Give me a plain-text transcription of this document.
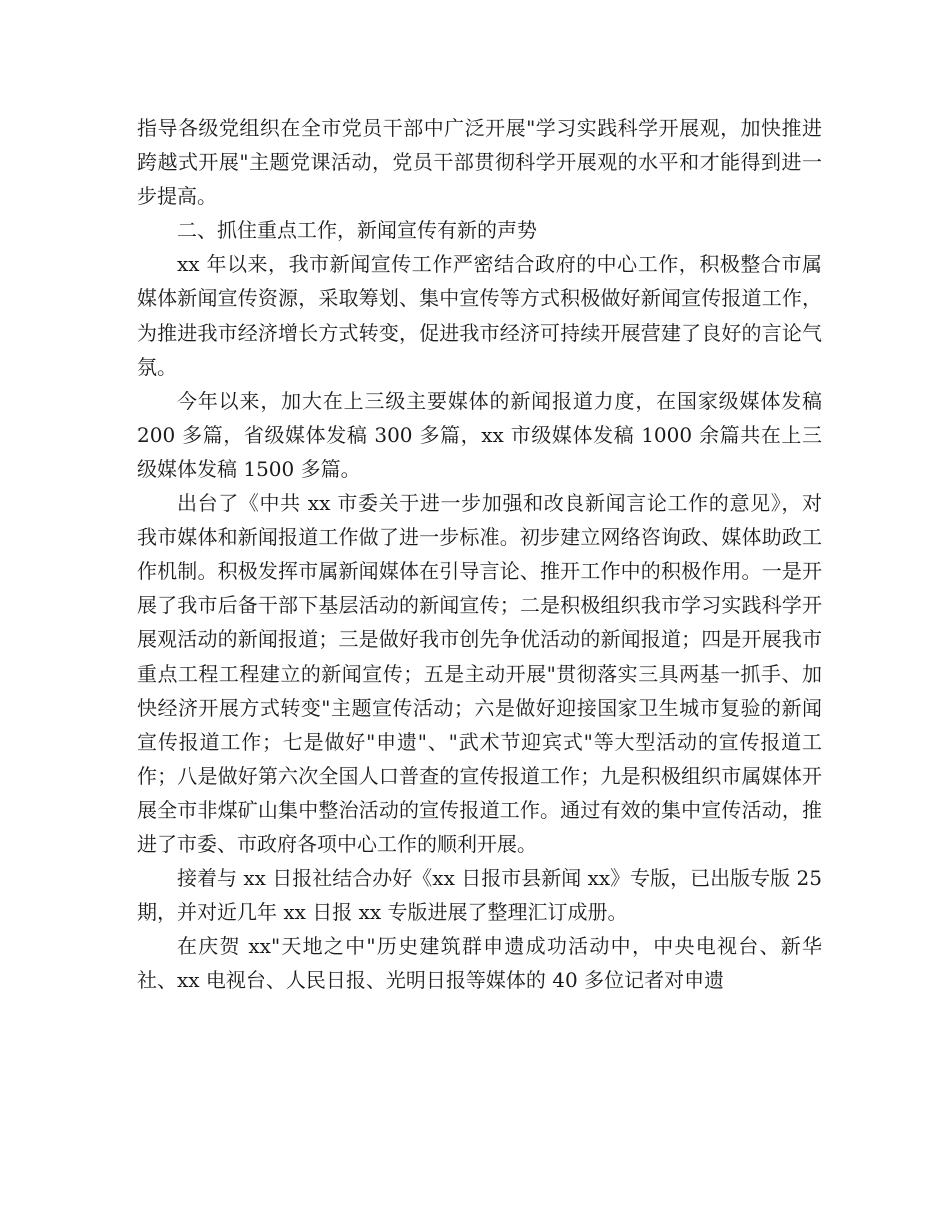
指导各级党组织在全市党员干部中广泛开展"学习实践科学开展观，加快推进跨越式开展"主题党课活动，党员干部贯彻科学开展观的水平和才能得到进一步提高。

二、抓住重点工作，新闻宣传有新的声势

xx 年以来，我市新闻宣传工作严密结合政府的中心工作，积极整合市属媒体新闻宣传资源，采取筹划、集中宣传等方式积极做好新闻宣传报道工作，为推进我市经济增长方式转变，促进我市经济可持续开展营建了良好的言论气氛。

今年以来，加大在上三级主要媒体的新闻报道力度，在国家级媒体发稿 200 多篇，省级媒体发稿 300 多篇，xx 市级媒体发稿 1000 余篇共在上三级媒体发稿 1500 多篇。

出台了《中共 xx 市委关于进一步加强和改良新闻言论工作的意见》，对我市媒体和新闻报道工作做了进一步标准。初步建立网络咨询政、媒体助政工作机制。积极发挥市属新闻媒体在引导言论、推开工作中的积极作用。一是开展了我市后备干部下基层活动的新闻宣传；二是积极组织我市学习实践科学开展观活动的新闻报道；三是做好我市创先争优活动的新闻报道；四是开展我市重点工程工程建立的新闻宣传；五是主动开展"贯彻落实三具两基一抓手、加快经济开展方式转变"主题宣传活动；六是做好迎接国家卫生城市复验的新闻宣传报道工作；七是做好"申遗"、"武术节迎宾式"等大型活动的宣传报道工作；八是做好第六次全国人口普查的宣传报道工作；九是积极组织市属媒体开展全市非煤矿山集中整治活动的宣传报道工作。通过有效的集中宣传活动，推进了市委、市政府各项中心工作的顺利开展。

接着与 xx 日报社结合办好《xx 日报市县新闻 xx》专版，已出版专版 25 期，并对近几年 xx 日报 xx 专版进展了整理汇订成册。

在庆贺 xx"天地之中"历史建筑群申遗成功活动中，中央电视台、新华社、xx 电视台、人民日报、光明日报等媒体的 40 多位记者对申遗
